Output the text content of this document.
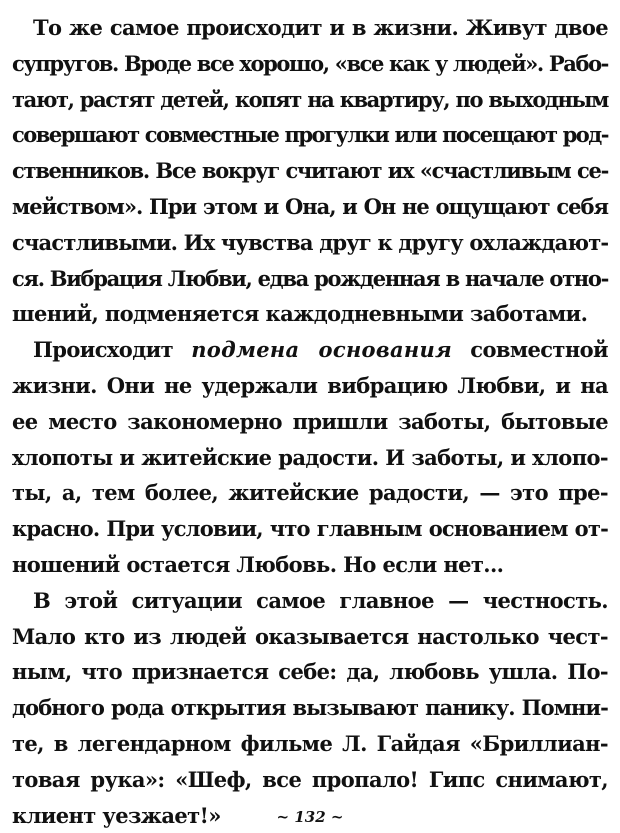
То же самое происходит и в жизни. Живут двое
супругов. Вроде все хорошо, «все как у людей». Рабо-
тают, растят детей, копят на квартиру, по выходным
совершают совместные прогулки или посещают род-
ственников. Все вокруг считают их «счастливым се-
мейством». При этом и Она, и Он не ощущают себя
счастливыми. Их чувства друг к другу охлаждают-
ся. Вибрация Любви, едва рожденная в начале отно-
шений, подменяется каждодневными заботами.
Происходит подмена основания совместной
жизни. Они не удержали вибрацию Любви, и на
ее место закономерно пришли заботы, бытовые
хлопоты и житейские радости. И заботы, и хлопо-
ты, а, тем более, житейские радости, — это пре-
красно. При условии, что главным основанием от-
ношений остается Любовь. Но если нет...
В этой ситуации самое главное — честность.
Мало кто из людей оказывается настолько чест-
ным, что признается себе: да, любовь ушла. По-
добного рода открытия вызывают панику. Помни-
те, в легендарном фильме Л. Гайдая «Бриллиан-
товая рука»: «Шеф, все пропало! Гипс снимают,
клиент уезжает!»	~ 132 ~
